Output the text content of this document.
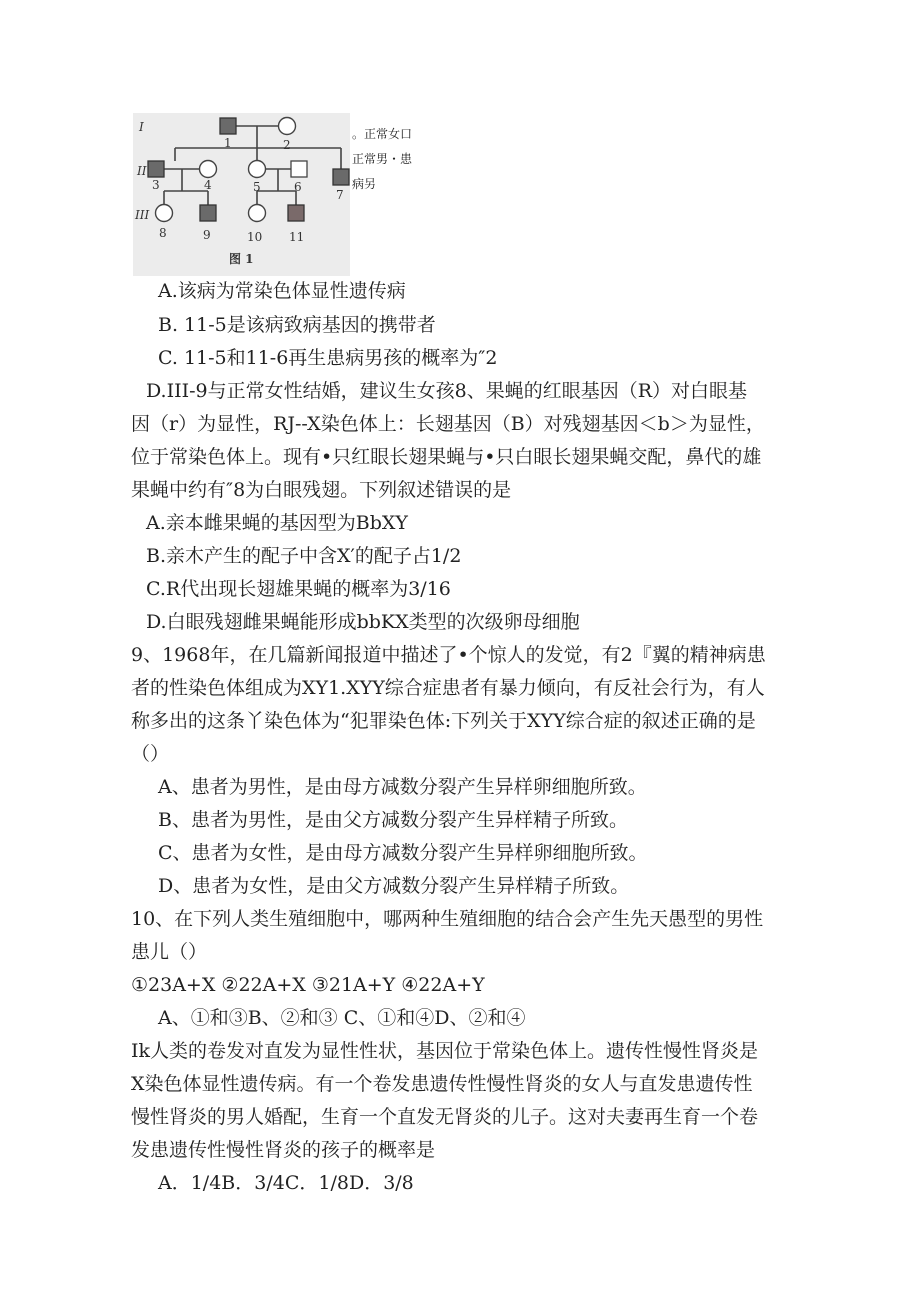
I
II
III
1	2
3	4	5	6
7
8	9	10 11
图 1
。正常女口
正常男・患
病另
A.该病为常染色体显性遗传病
B. 11-5是该病致病基因的携带者
C. 11-5和11-6再生患病男孩的概率为″2
D.III-9与正常女性结婚，建议生女孩8、果蝇的红眼基因（R）对白眼基
因（r）为显性，RJ--X染色体上：长翅基因（B）对残翅基因＜b＞为显性，
位于常染色体上。现有•只红眼长翅果蝇与•只白眼长翅果蝇交配，鼻代的雄
果蝇中约有″8为白眼残翅。下列叙述错误的是
A.亲本雌果蝇的基因型为BbXY
B.亲木产生的配子中含X′的配子占1/2
C.R代出现长翅雄果蝇的概率为3/16
D.白眼残翅雌果蝇能形成bbKX类型的次级卵母细胞
9、1968年，在几篇新闻报道中描述了•个惊人的发觉，有2『翼的精神病患
者的性染色体组成为XY1.XYY综合症患者有暴力倾向，有反社会行为，有人
称多出的这条丫染色体为“犯罪染色体:下列关于XYY综合症的叙述正确的是
（）
A、患者为男性，是由母方减数分裂产生异样卵细胞所致。
B、患者为男性，是由父方减数分裂产生异样精子所致。
C、患者为女性，是由母方减数分裂产生异样卵细胞所致。
D、患者为女性，是由父方减数分裂产生异样精子所致。
10、在下列人类生殖细胞中，哪两种生殖细胞的结合会产生先天愚型的男性
患儿（）
①23A+X ②22A+X ③21A+Y ④22A+Y
A、①和③B、②和③ C、①和④D、②和④
Ik人类的卷发对直发为显性性状，基因位于常染色体上。遗传性慢性肾炎是
X染色体显性遗传病。有一个卷发患遗传性慢性肾炎的女人与直发患遗传性
慢性肾炎的男人婚配，生育一个直发无肾炎的儿子。这对夫妻再生育一个卷
发患遗传性慢性肾炎的孩子的概率是
A．1/4B．3/4C．1/8D．3/8
